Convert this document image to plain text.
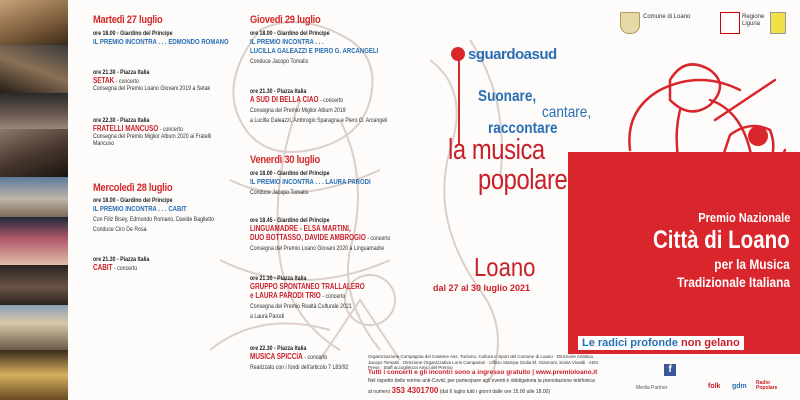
Martedì 27 luglio
ore 18.00 - Giardino del Principe
IL PREMIO INCONTRA . . . EDMONDO ROMANO
ore 21.30 - Piazza Italia
SETAK - concerto
Consegna del Premio Loano Giovani 2019 a Setak
ore 22.30 - Piazza Italia
FRATELLI MANCUSO - concerto
Consegna del Premio Miglior Album 2020 ai Fratelli Mancuso
Mercoledì 28 luglio
ore 18.00 - Giardino del Principe
IL PREMIO INCONTRA . . . CABIT
Con Fillz Bisey, Edmondo Romano, Davide Baglietto
Conduce Ciro De Rosa
ore 21.30 - Piazza Italia
CABIT - concerto
Giovedì 29 luglio
ore 18.00 - Giardino del Principe
IL PREMIO INCONTRA . . .
LUCILLA GALEAZZI E PIERO G. ARCANGELI
Conduce Jacopo Tomatis
ore 21.30 - Piazza Italia
A SUD DI BELLA CIAO - concerto
Consegna del Premio Miglior Album 2019
a Lucilla Galeazzi, Ambrogio Sparagna e Piero G. Arcangeli
Venerdì 30 luglio
ore 18.00 - Giardino del Principe
IL PREMIO INCONTRA . . . LAURA PARODI
Conduce Jacopo Tomatis
ore 18.45 - Giardino del Principe
LINGUAMADRE - ELSA MARTINI,
DUO BOTTASSO, DAVIDE AMBROGIO - concerto
Consegna del Premio Loano Giovani 2020 a Linguamadre
ore 21.30 - Piazza Italia
GRUPPO SPONTANEO TRALLALERO
e LAURA PARODI TRIO - concerto
Consegna del Premio Realtà Culturale 2021
a Laura Parodi
ore 22.30 - Piazza Italia
MUSICA SPICCIA - concerto
Realizzato con i fondi dell'articolo 7 L83/92
Comune di Loano	Regione Liguria
sguardoasud
Suonare,
cantare,
raccontare
la musica
popolare
Premio Nazionale
Città di Loano
per la Musica
Tradizionale Italiana
Loano
dal 27 al 30 luglio 2021
Le radici profonde non gelano
Organizzazione Compagnia del Cantiere Ass. Turismo, Cultura e Sport del Comune di Loano · Direzione Artistica Jacopo Tomatis · Direzione Organizzativa Loris Campanari · Ufficio Stampa Giulia M. Giannoni, Sonia Vivaldi · ADG Press · Staff accoglienza Amici del Premio
Tutti i concerti e gli incontri sono a ingresso gratuito | www.premioloano.it
Nel rispetto delle norme anti-Covid, per partecipare agli eventi è obbligatoria la prenotazione telefonica
al numero 353 4301700 (dal 6 luglio tutti i giorni dalle ore 15.00 alle 18.00)
f
Media Partner	folk gdm Radio Popolare
